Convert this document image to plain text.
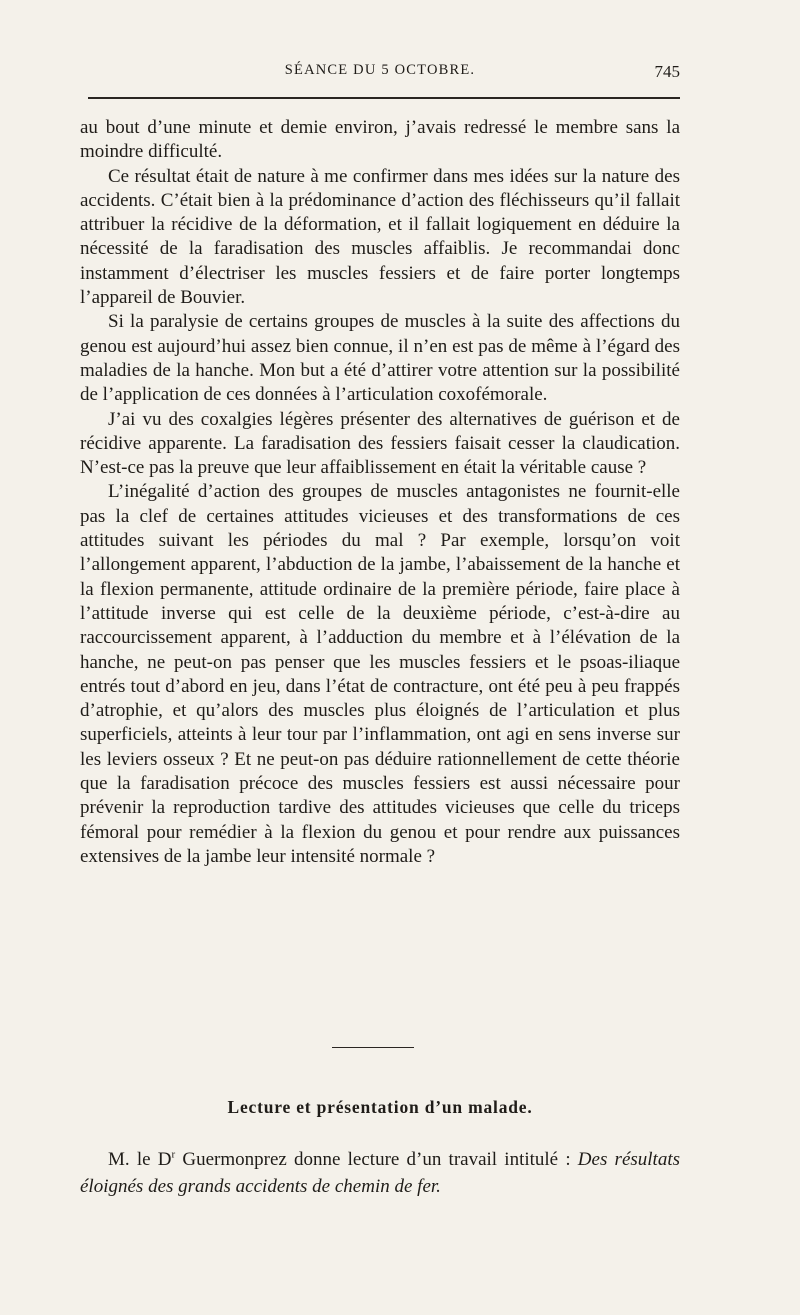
SÉANCE DU 5 OCTOBRE.	745

au bout d’une minute et demie environ, j’avais redressé le membre sans la moindre difficulté.

Ce résultat était de nature à me confirmer dans mes idées sur la nature des accidents. C’était bien à la prédominance d’action des fléchisseurs qu’il fallait attribuer la récidive de la déformation, et il fallait logiquement en déduire la nécessité de la faradisation des muscles affaiblis. Je recommandai donc instamment d’électriser les muscles fessiers et de faire porter longtemps l’appareil de Bouvier.

Si la paralysie de certains groupes de muscles à la suite des affections du genou est aujourd’hui assez bien connue, il n’en est pas de même à l’égard des maladies de la hanche. Mon but a été d’attirer votre attention sur la possibilité de l’application de ces données à l’articulation coxofémorale.

J’ai vu des coxalgies légères présenter des alternatives de guérison et de récidive apparente. La faradisation des fessiers faisait cesser la claudication. N’est-ce pas la preuve que leur affaiblissement en était la véritable cause ?

L’inégalité d’action des groupes de muscles antagonistes ne fournit-elle pas la clef de certaines attitudes vicieuses et des transformations de ces attitudes suivant les périodes du mal ? Par exemple, lorsqu’on voit l’allongement apparent, l’abduction de la jambe, l’abaissement de la hanche et la flexion permanente, attitude ordinaire de la première période, faire place à l’attitude inverse qui est celle de la deuxième période, c’est-à-dire au raccourcissement apparent, à l’adduction du membre et à l’élévation de la hanche, ne peut-on pas penser que les muscles fessiers et le psoas-iliaque entrés tout d’abord en jeu, dans l’état de contracture, ont été peu à peu frappés d’atrophie, et qu’alors des muscles plus éloignés de l’articulation et plus superficiels, atteints à leur tour par l’inflammation, ont agi en sens inverse sur les leviers osseux ? Et ne peut-on pas déduire rationnellement de cette théorie que la faradisation précoce des muscles fessiers est aussi nécessaire pour prévenir la reproduction tardive des attitudes vicieuses que celle du triceps fémoral pour remédier à la flexion du genou et pour rendre aux puissances extensives de la jambe leur intensité normale ?

Lecture et présentation d’un malade.
M. le $D^r$ Guermonprez donne lecture d’un travail intitulé : Des résultats éloignés des grands accidents de chemin de fer.
